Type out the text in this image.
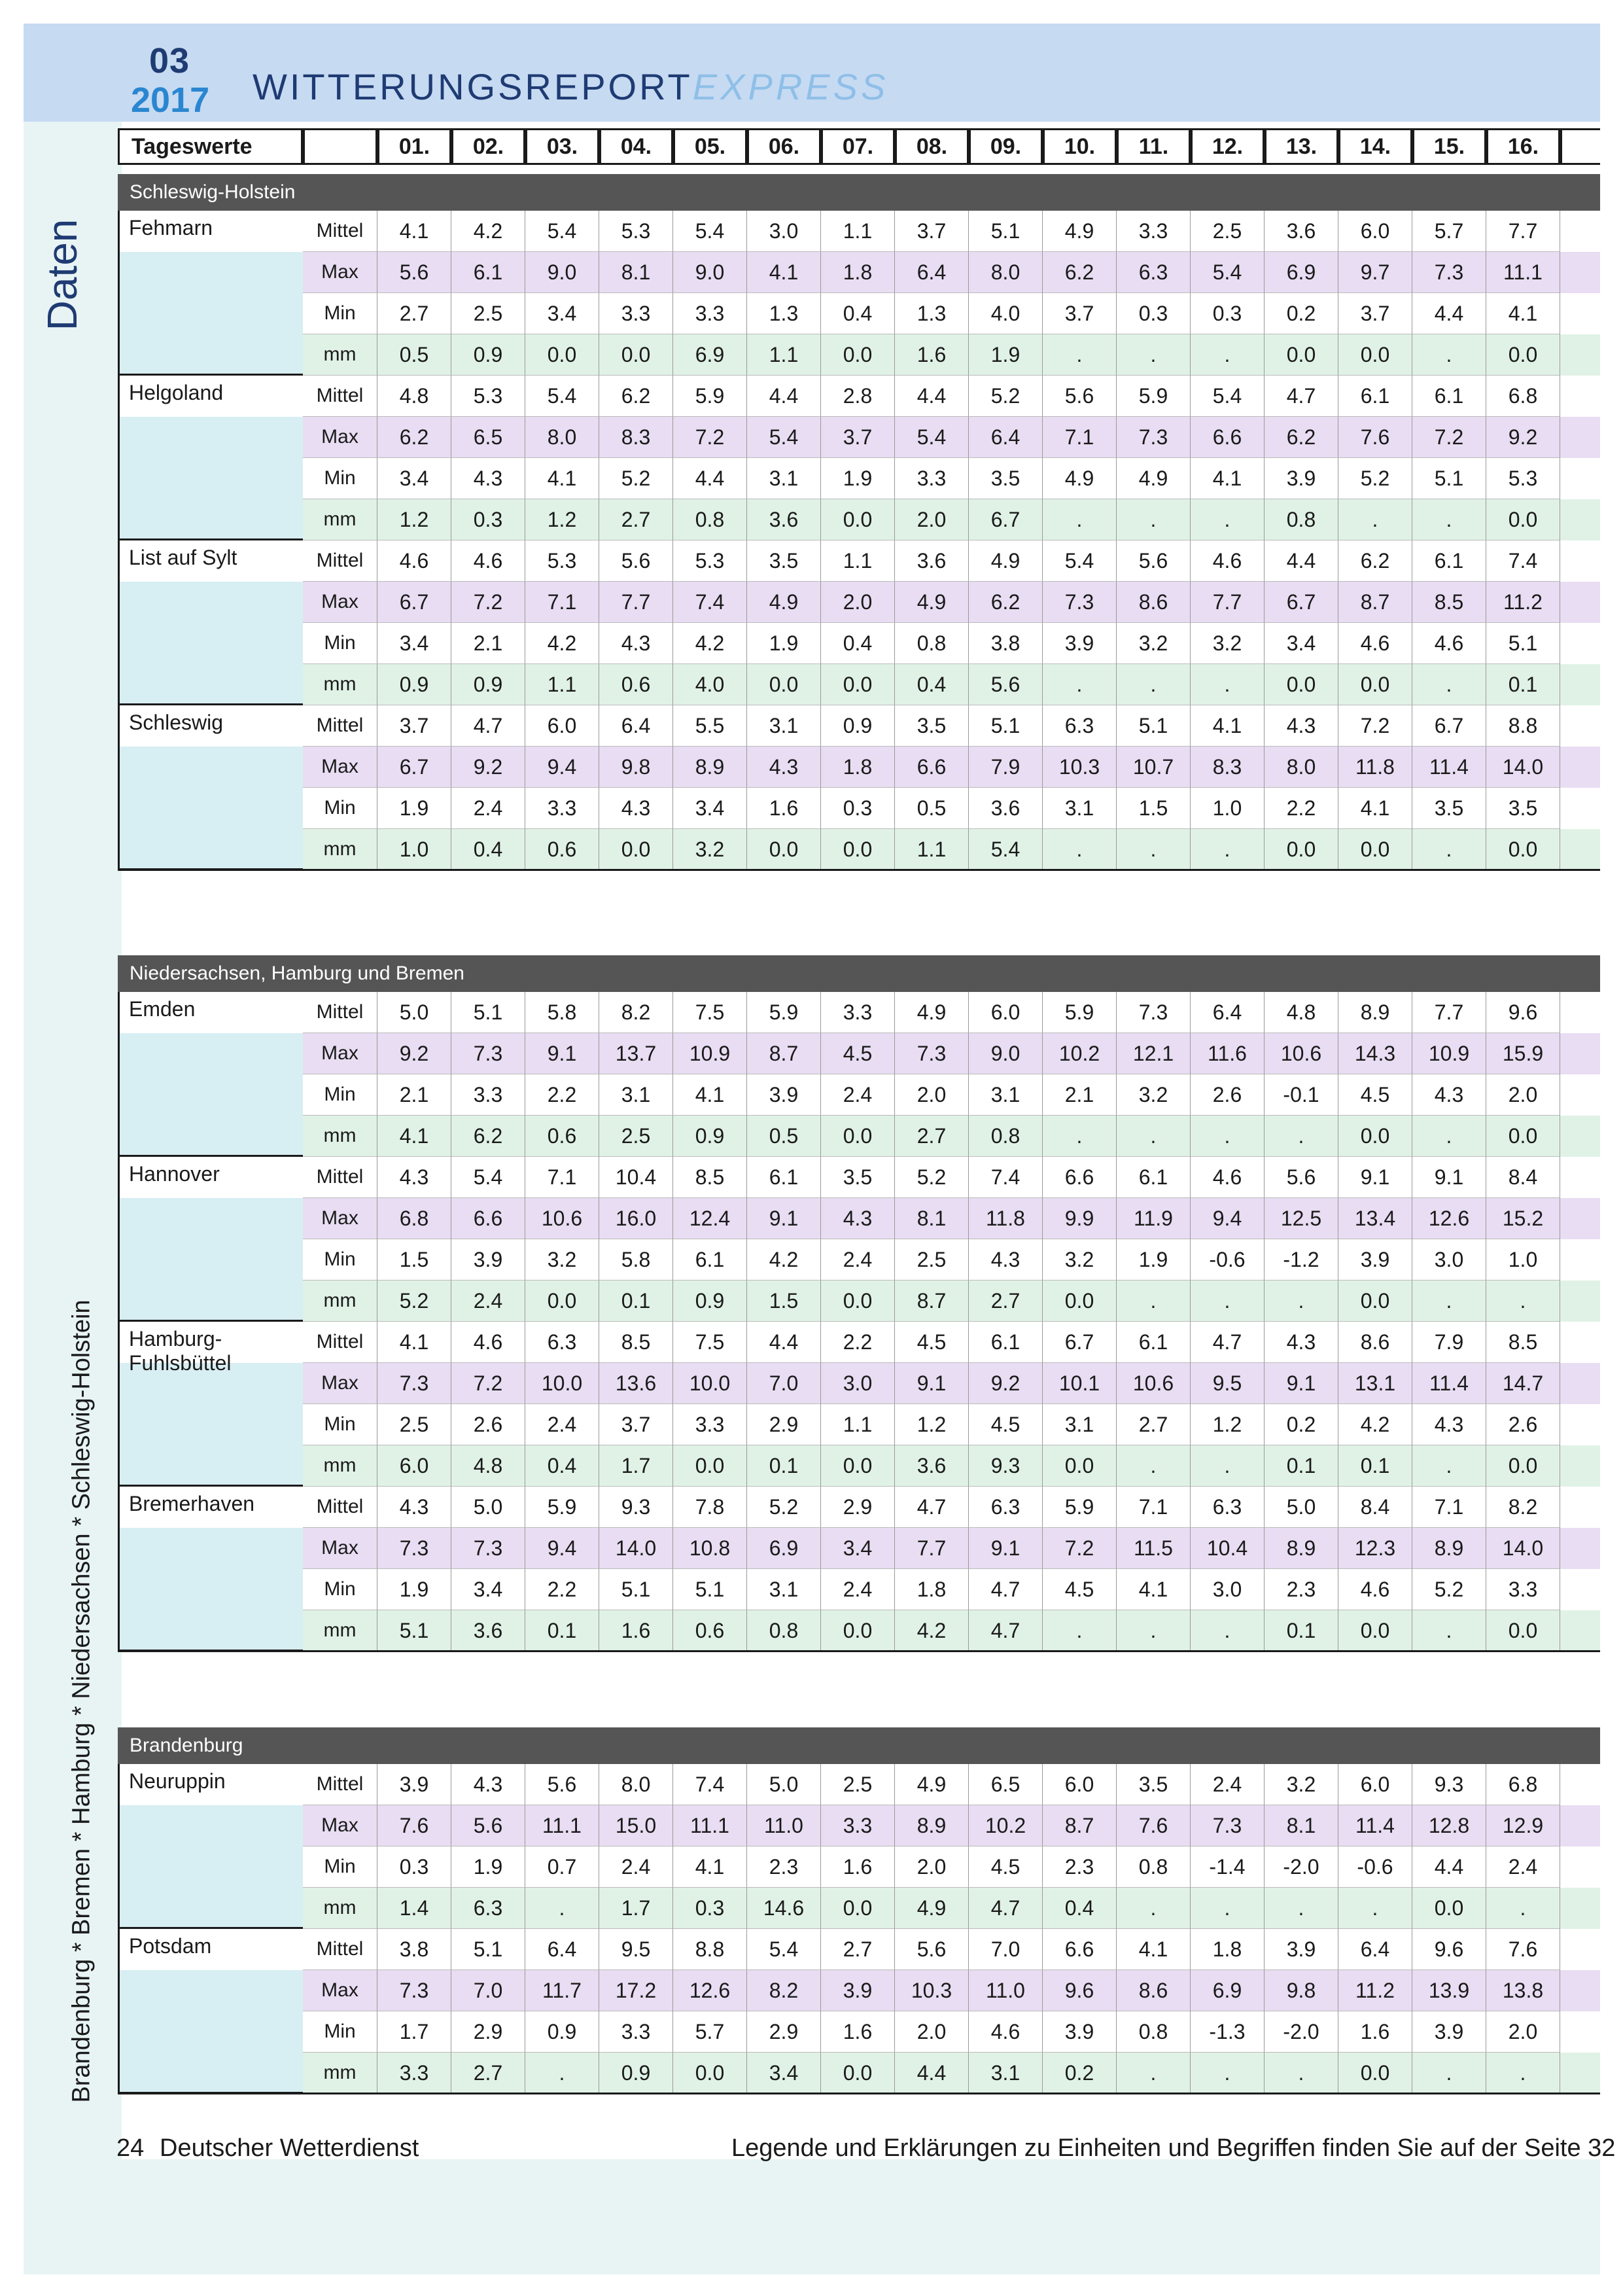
03
2017 WITTERUNGSREPORTEXPRESS
Daten
Brandenburg * Bremen * Hamburg * Niedersachsen * Schleswig-Holstein
Tageswerte	01.	02.	03.	04.	05.	06.	07.	08.	09.	10.	11.	12.	13.	14.	15.	16.
Schleswig-Holstein
Fehmarn	Mittel	4.1	4.2	5.4	5.3	5.4	3.0	1.1	3.7	5.1	4.9	3.3	2.5	3.6	6.0	5.7	7.7
Max	5.6	6.1	9.0	8.1	9.0	4.1	1.8	6.4	8.0	6.2	6.3	5.4	6.9	9.7	7.3	11.1
Min	2.7	2.5	3.4	3.3	3.3	1.3	0.4	1.3	4.0	3.7	0.3	0.3	0.2	3.7	4.4	4.1
mm	0.5	0.9	0.0	0.0	6.9	1.1	0.0	1.6	1.9	.	.	.	0.0	0.0	.	0.0
Helgoland	Mittel	4.8	5.3	5.4	6.2	5.9	4.4	2.8	4.4	5.2	5.6	5.9	5.4	4.7	6.1	6.1	6.8
Max	6.2	6.5	8.0	8.3	7.2	5.4	3.7	5.4	6.4	7.1	7.3	6.6	6.2	7.6	7.2	9.2
Min	3.4	4.3	4.1	5.2	4.4	3.1	1.9	3.3	3.5	4.9	4.9	4.1	3.9	5.2	5.1	5.3
mm	1.2	0.3	1.2	2.7	0.8	3.6	0.0	2.0	6.7	.	.	.	0.8	.	.	0.0
List auf Sylt	Mittel	4.6	4.6	5.3	5.6	5.3	3.5	1.1	3.6	4.9	5.4	5.6	4.6	4.4	6.2	6.1	7.4
Max	6.7	7.2	7.1	7.7	7.4	4.9	2.0	4.9	6.2	7.3	8.6	7.7	6.7	8.7	8.5	11.2
Min	3.4	2.1	4.2	4.3	4.2	1.9	0.4	0.8	3.8	3.9	3.2	3.2	3.4	4.6	4.6	5.1
mm	0.9	0.9	1.1	0.6	4.0	0.0	0.0	0.4	5.6	.	.	.	0.0	0.0	.	0.1
Schleswig	Mittel	3.7	4.7	6.0	6.4	5.5	3.1	0.9	3.5	5.1	6.3	5.1	4.1	4.3	7.2	6.7	8.8
Max	6.7	9.2	9.4	9.8	8.9	4.3	1.8	6.6	7.9	10.3	10.7	8.3	8.0	11.8	11.4	14.0
Min	1.9	2.4	3.3	4.3	3.4	1.6	0.3	0.5	3.6	3.1	1.5	1.0	2.2	4.1	3.5	3.5
mm	1.0	0.4	0.6	0.0	3.2	0.0	0.0	1.1	5.4	.	.	.	0.0	0.0	.	0.0
Niedersachsen, Hamburg und Bremen
Emden	Mittel	5.0	5.1	5.8	8.2	7.5	5.9	3.3	4.9	6.0	5.9	7.3	6.4	4.8	8.9	7.7	9.6
Max	9.2	7.3	9.1	13.7	10.9	8.7	4.5	7.3	9.0	10.2	12.1	11.6	10.6	14.3	10.9	15.9
Min	2.1	3.3	2.2	3.1	4.1	3.9	2.4	2.0	3.1	2.1	3.2	2.6	-0.1	4.5	4.3	2.0
mm	4.1	6.2	0.6	2.5	0.9	0.5	0.0	2.7	0.8	.	.	.	.	0.0	.	0.0
Hannover	Mittel	4.3	5.4	7.1	10.4	8.5	6.1	3.5	5.2	7.4	6.6	6.1	4.6	5.6	9.1	9.1	8.4
Max	6.8	6.6	10.6	16.0	12.4	9.1	4.3	8.1	11.8	9.9	11.9	9.4	12.5	13.4	12.6	15.2
Min	1.5	3.9	3.2	5.8	6.1	4.2	2.4	2.5	4.3	3.2	1.9	-0.6	-1.2	3.9	3.0	1.0
mm	5.2	2.4	0.0	0.1	0.9	1.5	0.0	8.7	2.7	0.0	.	.	.	0.0	.	.
Hamburg-Fuhlsbüttel
Mittel	4.1	4.6	6.3	8.5	7.5	4.4	2.2	4.5	6.1	6.7	6.1	4.7	4.3	8.6	7.9	8.5
Max	7.3	7.2	10.0	13.6	10.0	7.0	3.0	9.1	9.2	10.1	10.6	9.5	9.1	13.1	11.4	14.7
Min	2.5	2.6	2.4	3.7	3.3	2.9	1.1	1.2	4.5	3.1	2.7	1.2	0.2	4.2	4.3	2.6
mm	6.0	4.8	0.4	1.7	0.0	0.1	0.0	3.6	9.3	0.0	.	.	0.1	0.1	.	0.0
Bremerhaven	Mittel	4.3	5.0	5.9	9.3	7.8	5.2	2.9	4.7	6.3	5.9	7.1	6.3	5.0	8.4	7.1	8.2
Max	7.3	7.3	9.4	14.0	10.8	6.9	3.4	7.7	9.1	7.2	11.5	10.4	8.9	12.3	8.9	14.0
Min	1.9	3.4	2.2	5.1	5.1	3.1	2.4	1.8	4.7	4.5	4.1	3.0	2.3	4.6	5.2	3.3
mm	5.1	3.6	0.1	1.6	0.6	0.8	0.0	4.2	4.7	.	.	.	0.1	0.0	.	0.0
Brandenburg
Neuruppin	Mittel	3.9	4.3	5.6	8.0	7.4	5.0	2.5	4.9	6.5	6.0	3.5	2.4	3.2	6.0	9.3	6.8
Max	7.6	5.6	11.1	15.0	11.1	11.0	3.3	8.9	10.2	8.7	7.6	7.3	8.1	11.4	12.8	12.9
Min	0.3	1.9	0.7	2.4	4.1	2.3	1.6	2.0	4.5	2.3	0.8	-1.4	-2.0	-0.6	4.4	2.4
mm	1.4	6.3	.	1.7	0.3	14.6	0.0	4.9	4.7	0.4	.	.	.	.	0.0	.
Potsdam	Mittel	3.8	5.1	6.4	9.5	8.8	5.4	2.7	5.6	7.0	6.6	4.1	1.8	3.9	6.4	9.6	7.6
Max	7.3	7.0	11.7	17.2	12.6	8.2	3.9	10.3	11.0	9.6	8.6	6.9	9.8	11.2	13.9	13.8
Min	1.7	2.9	0.9	3.3	5.7	2.9	1.6	2.0	4.6	3.9	0.8	-1.3	-2.0	1.6	3.9	2.0
mm	3.3	2.7	.	0.9	0.0	3.4	0.0	4.4	3.1	0.2	.	.	.	0.0	.	.
24 Deutscher Wetterdienst	Legende und Erklärungen zu Einheiten und Begriffen finden Sie auf der Seite 32
